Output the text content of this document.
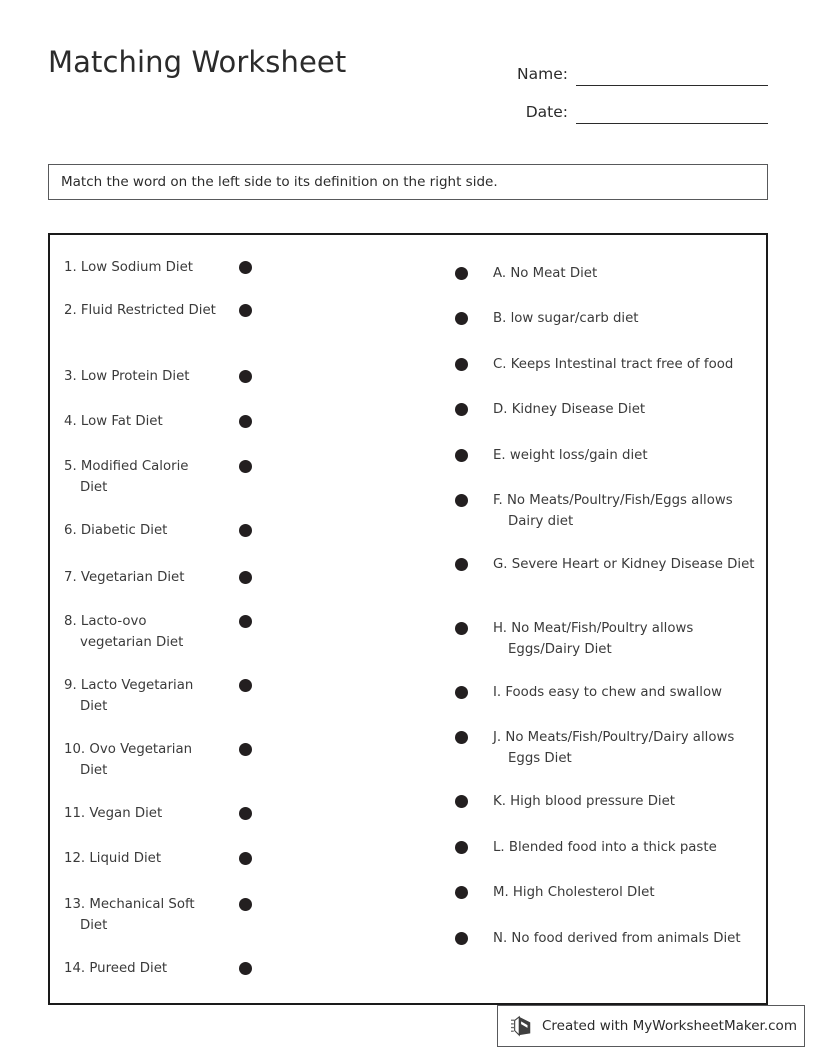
Matching Worksheet	Name:
Date:
Match the word on the left side to its definition on the right side.
1. Low Sodium Diet
2. Fluid Restricted Diet
3. Low Protein Diet
4. Low Fat Diet
5. Modified Calorie Diet
6. Diabetic Diet
7. Vegetarian Diet
8. Lacto-ovo vegetarian Diet
9. Lacto Vegetarian Diet
10. Ovo Vegetarian Diet
11. Vegan Diet
12. Liquid Diet
13. Mechanical Soft Diet
14. Pureed Diet
A. No Meat Diet
B. low sugar/carb diet
C. Keeps Intestinal tract free of food
D. Kidney Disease Diet
E. weight loss/gain diet
F. No Meats/Poultry/Fish/Eggs allows Dairy diet
G. Severe Heart or Kidney Disease Diet
H. No Meat/Fish/Poultry allows Eggs/Dairy Diet
I. Foods easy to chew and swallow
J. No Meats/Fish/Poultry/Dairy allows Eggs Diet
K. High blood pressure Diet
L. Blended food into a thick paste
M. High Cholesterol DIet
N. No food derived from animals Diet
Created with MyWorksheetMaker.com
